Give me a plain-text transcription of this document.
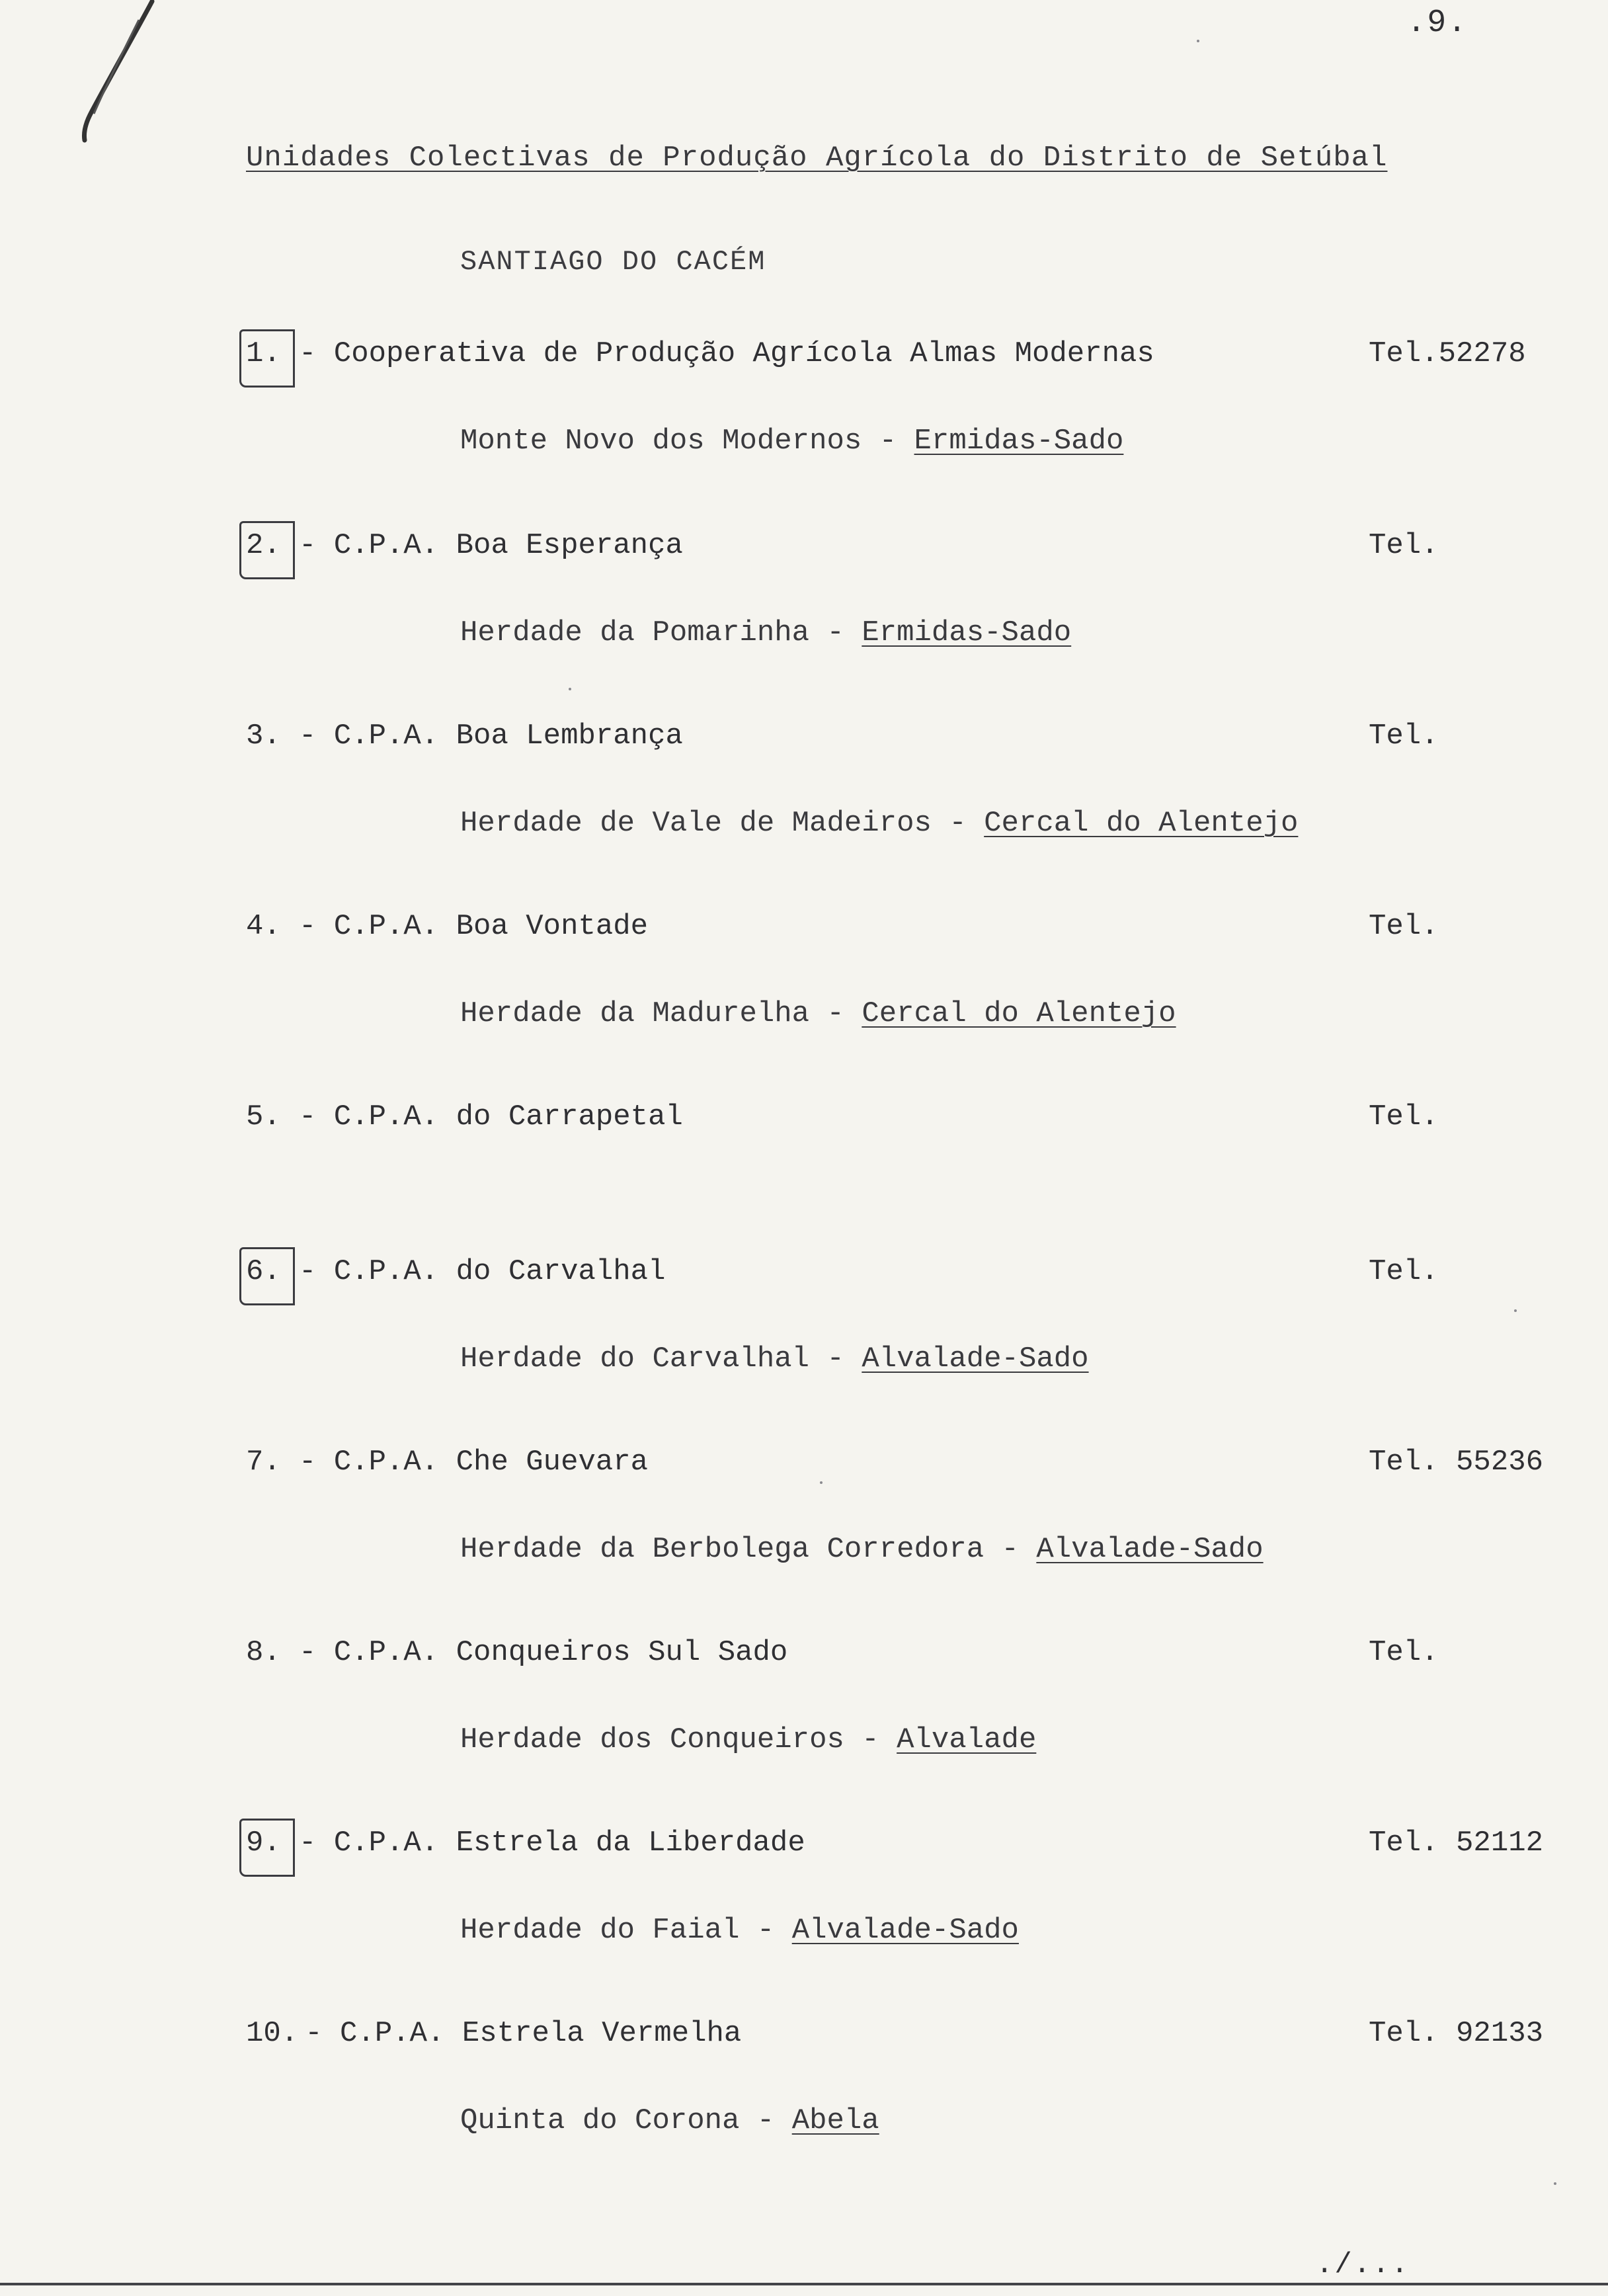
.9.
Unidades Colectivas de Produção Agrícola do Distrito de Setúbal
SANTIAGO DO CACÉM
1. - Cooperativa de Produção Agrícola Almas Modernas	Tel.52278
Monte Novo dos Modernos - Ermidas-Sado
2. - C.P.A. Boa Esperança	Tel.
Herdade da Pomarinha - Ermidas-Sado
3. - C.P.A. Boa Lembrança	Tel.
Herdade de Vale de Madeiros - Cercal do Alentejo
4. - C.P.A. Boa Vontade	Tel.
Herdade da Madurelha - Cercal do Alentejo
5. - C.P.A. do Carrapetal	Tel.
6. - C.P.A. do Carvalhal	Tel.
Herdade do Carvalhal - Alvalade-Sado
7. - C.P.A. Che Guevara	Tel. 55236
Herdade da Berbolega Corredora - Alvalade-Sado
8. - C.P.A. Conqueiros Sul Sado	Tel.
Herdade dos Conqueiros - Alvalade
9. - C.P.A. Estrela da Liberdade	Tel. 52112
Herdade do Faial - Alvalade-Sado
10. - C.P.A. Estrela Vermelha	Tel. 92133
Quinta do Corona - Abela
./...
